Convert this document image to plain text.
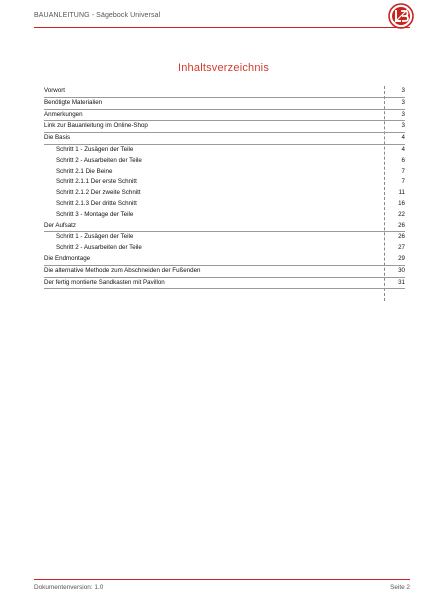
BAUANLEITUNG - Sägebock Universal
Inhaltsverzeichnis
Vorwort	3
Benötigte Materialien	3
Anmerkungen	3
Link zur Bauanleitung im Online-Shop	3
Die Basis	4
Schritt 1 - Zusägen der Teile	4
Schritt 2 - Ausarbeiten der Teile	6
Schritt 2.1 Die Beine	7
Schritt 2.1.1 Der erste Schnitt	7
Schritt 2.1.2 Der zweite Schnitt	11
Schritt 2.1.3 Der dritte Schnitt	16
Schritt 3 - Montage der Teile	22
Der Aufsatz	26
Schritt 1 - Zusägen der Teile	26
Schritt 2 - Ausarbeiten der Teile	27
Die Endmontage	29
Die alternative Methode zum Abschneiden der Fußenden	30
Der fertig montierte Sandkasten mit Pavillon	31
Dokumentenversion: 1.0	Seite 2
